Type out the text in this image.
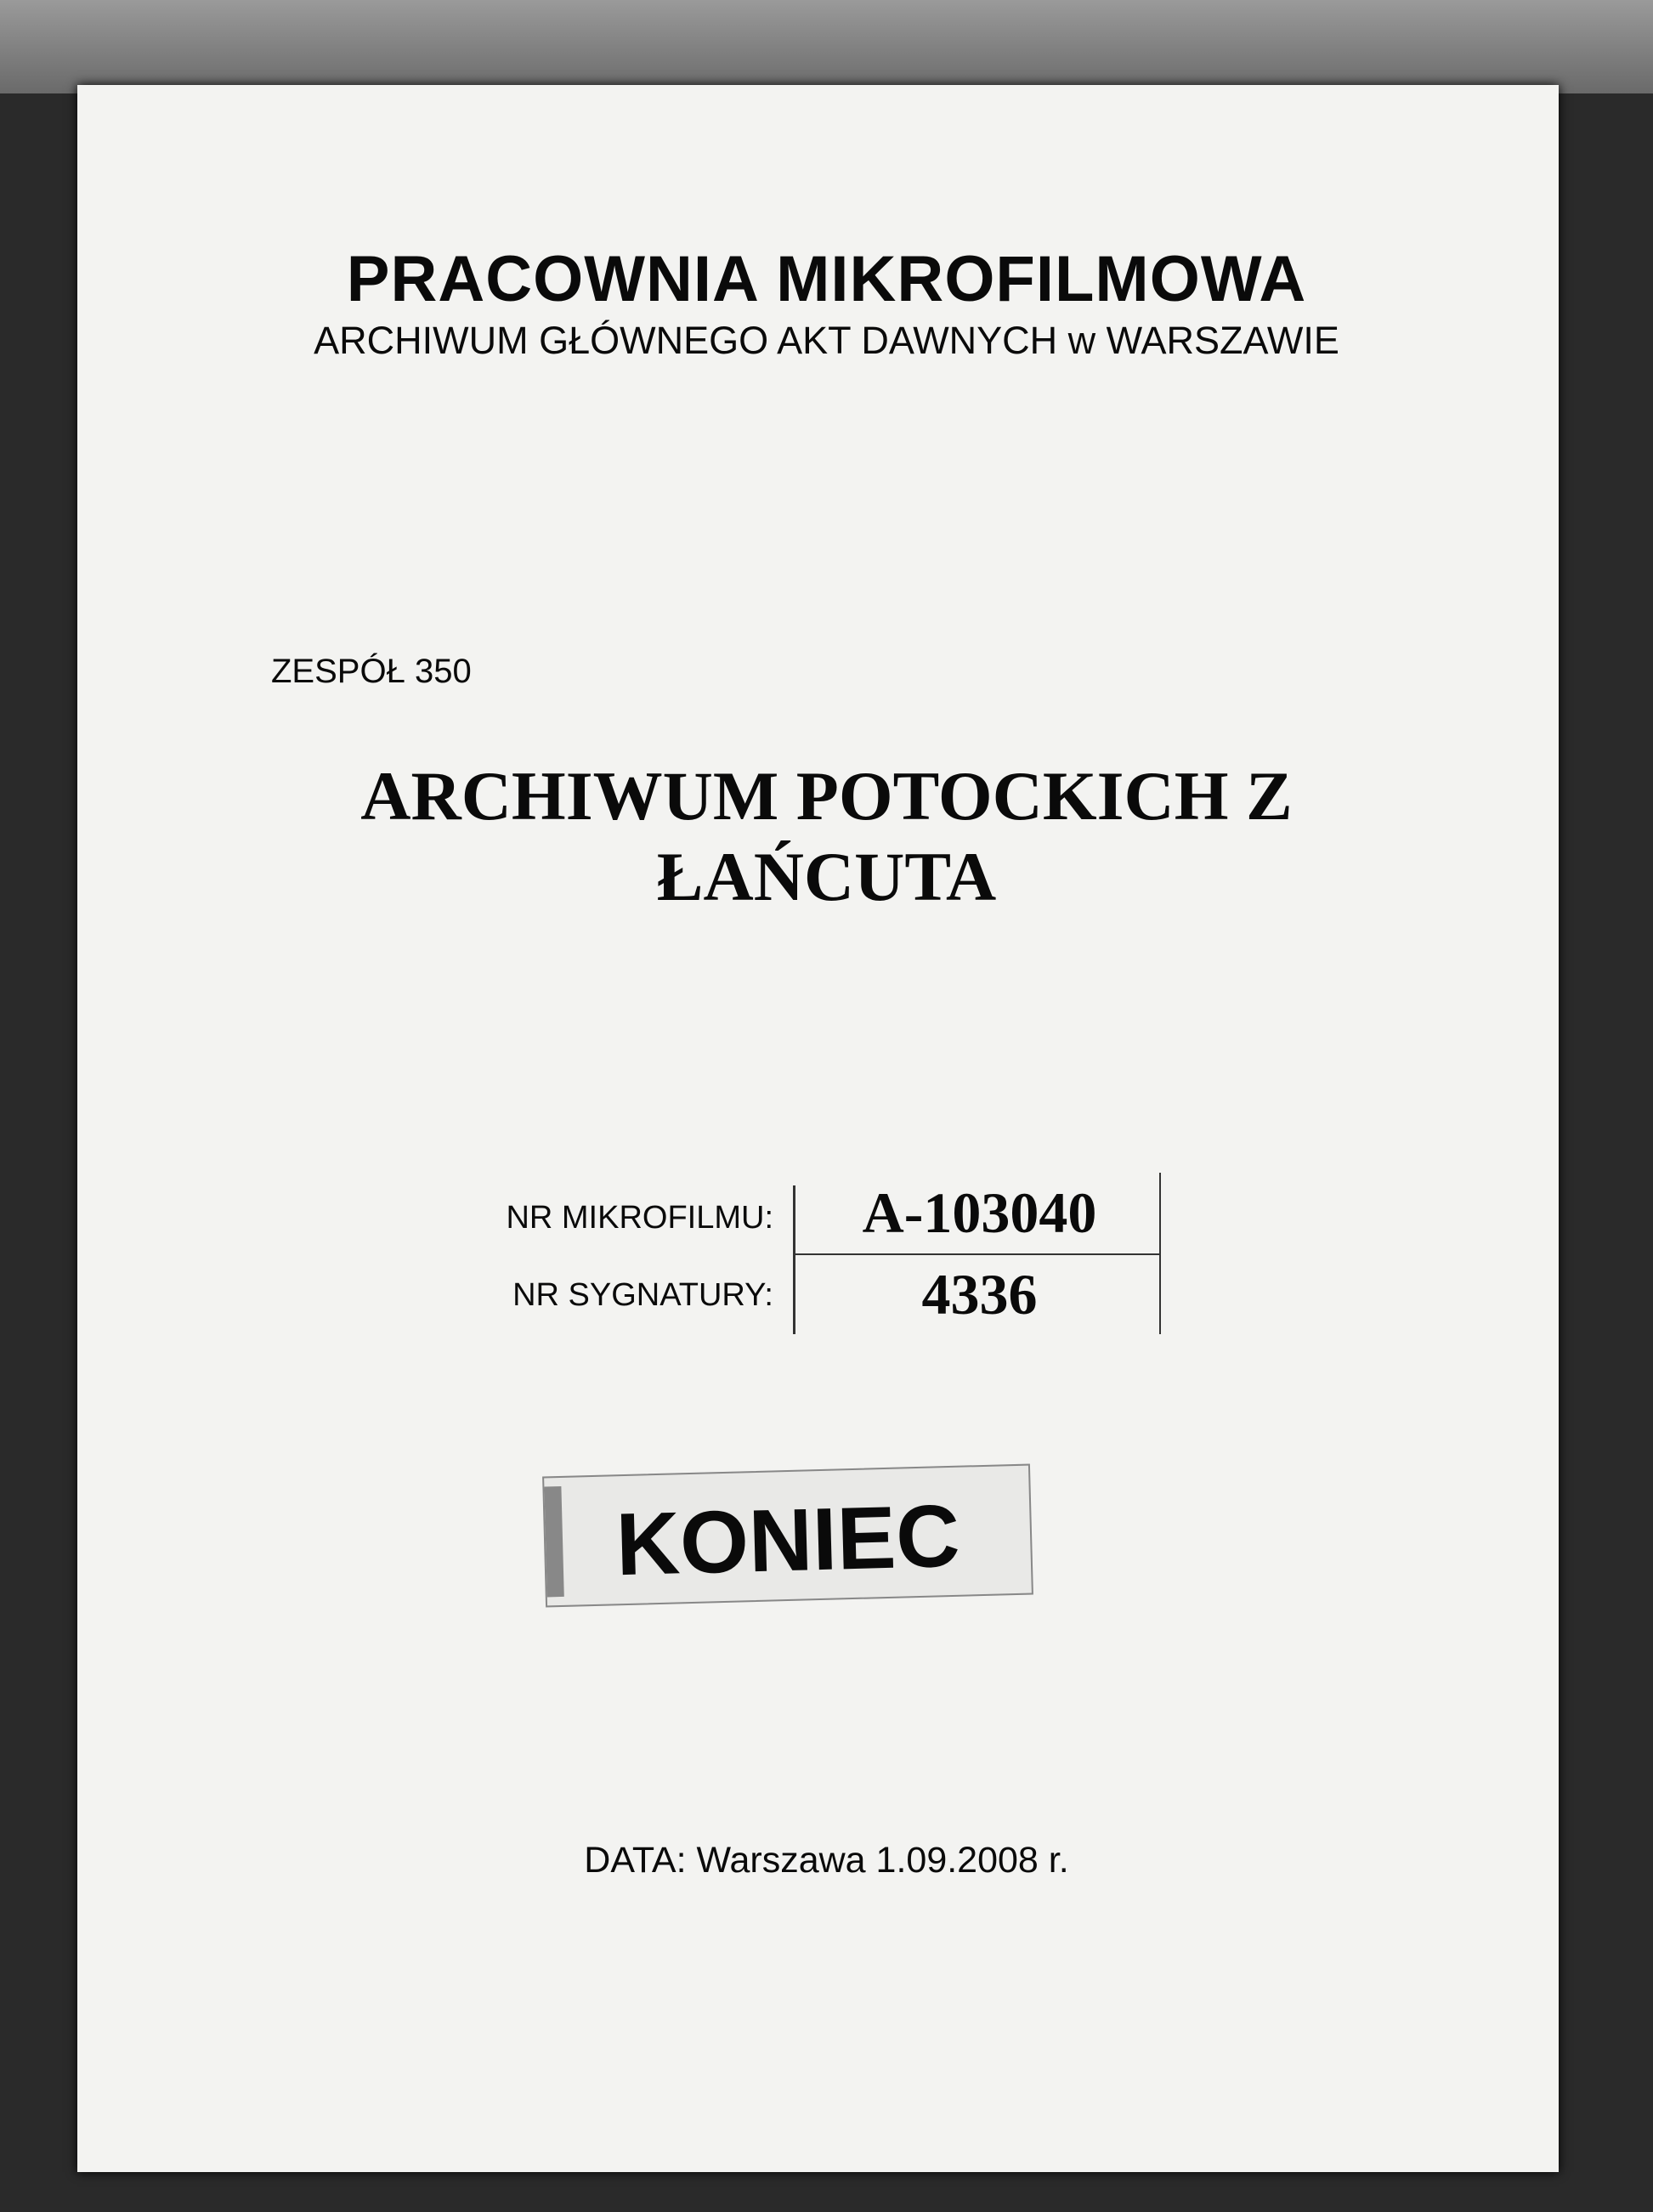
PRACOWNIA MIKROFILMOWA
ARCHIWUM GŁÓWNEGO AKT DAWNYCH w WARSZAWIE
ZESPÓŁ 350
ARCHIWUM POTOCKICH Z
ŁAŃCUTA
NR MIKROFILMU:	A-103040
NR SYGNATURY:	4336
KONIEC
DATA: Warszawa 1.09.2008 r.
